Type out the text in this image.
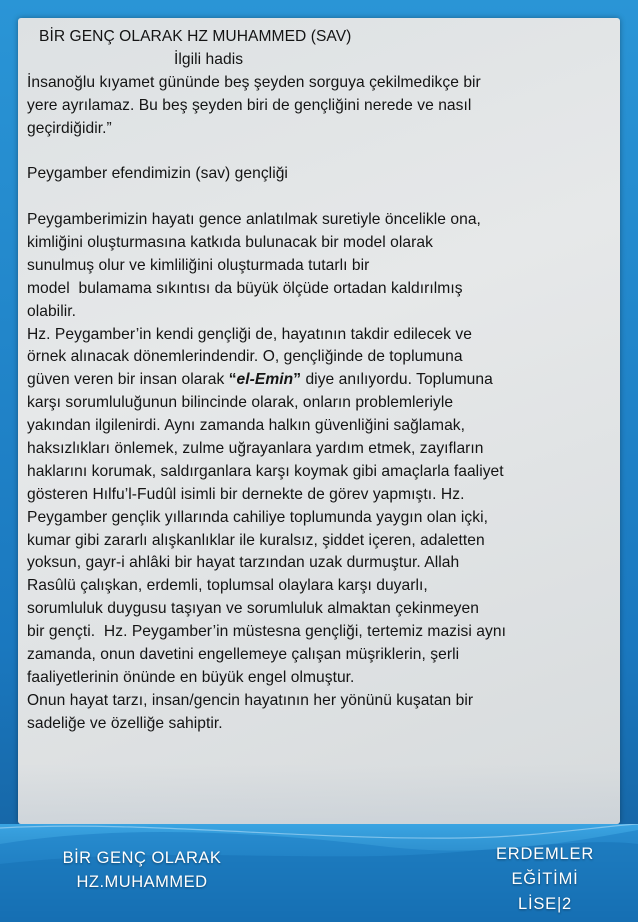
BİR GENÇ OLARAK HZ MUHAMMED (SAV)
İlgili hadis
İnsanoğlu kıyamet gününde beş şeyden sorguya çekilmedikçe bir
yere ayrılamaz. Bu beş şeyden biri de gençliğini nerede ve nasıl
geçirdiğidir.”
Peygamber efendimizin (sav) gençliği
Peygamberimizin hayatı gence anlatılmak suretiyle öncelikle ona,
kimliğini oluşturmasına katkıda bulunacak bir model olarak
sunulmuş olur ve kimliliğini oluşturmada tutarlı bir
model  bulamama sıkıntısı da büyük ölçüde ortadan kaldırılmış
olabilir.
Hz. Peygamber’in kendi gençliği de, hayatının takdir edilecek ve
örnek alınacak dönemlerindendir. O, gençliğinde de toplumuna
güven veren bir insan olarak “el-Emin” diye anılıyordu. Toplumuna
karşı sorumluluğunun bilincinde olarak, onların problemleriyle
yakından ilgilenirdi. Aynı zamanda halkın güvenliğini sağlamak,
haksızlıkları önlemek, zulme uğrayanlara yardım etmek, zayıfların
haklarını korumak, saldırganlara karşı koymak gibi amaçlarla faaliyet
gösteren Hılfu’l-Fudûl isimli bir dernekte de görev yapmıştı. Hz.
Peygamber gençlik yıllarında cahiliye toplumunda yaygın olan içki,
kumar gibi zararlı alışkanlıklar ile kuralsız, şiddet içeren, adaletten
yoksun, gayr-i ahlâki bir hayat tarzından uzak durmuştur. Allah
Rasûlü çalışkan, erdemli, toplumsal olaylara karşı duyarlı,
sorumluluk duygusu taşıyan ve sorumluluk almaktan çekinmeyen
bir gençti.  Hz. Peygamber’in müstesna gençliği, tertemiz mazisi aynı
zamanda, onun davetini engellemeye çalışan müşriklerin, şerli
faaliyetlerinin önünde en büyük engel olmuştur.
Onun hayat tarzı, insan/gencin hayatının her yönünü kuşatan bir
sadeliğe ve özelliğe sahiptir.
BİR GENÇ OLARAK
HZ.MUHAMMED
ERDEMLER
EĞİTİMİ
LİSE|2
